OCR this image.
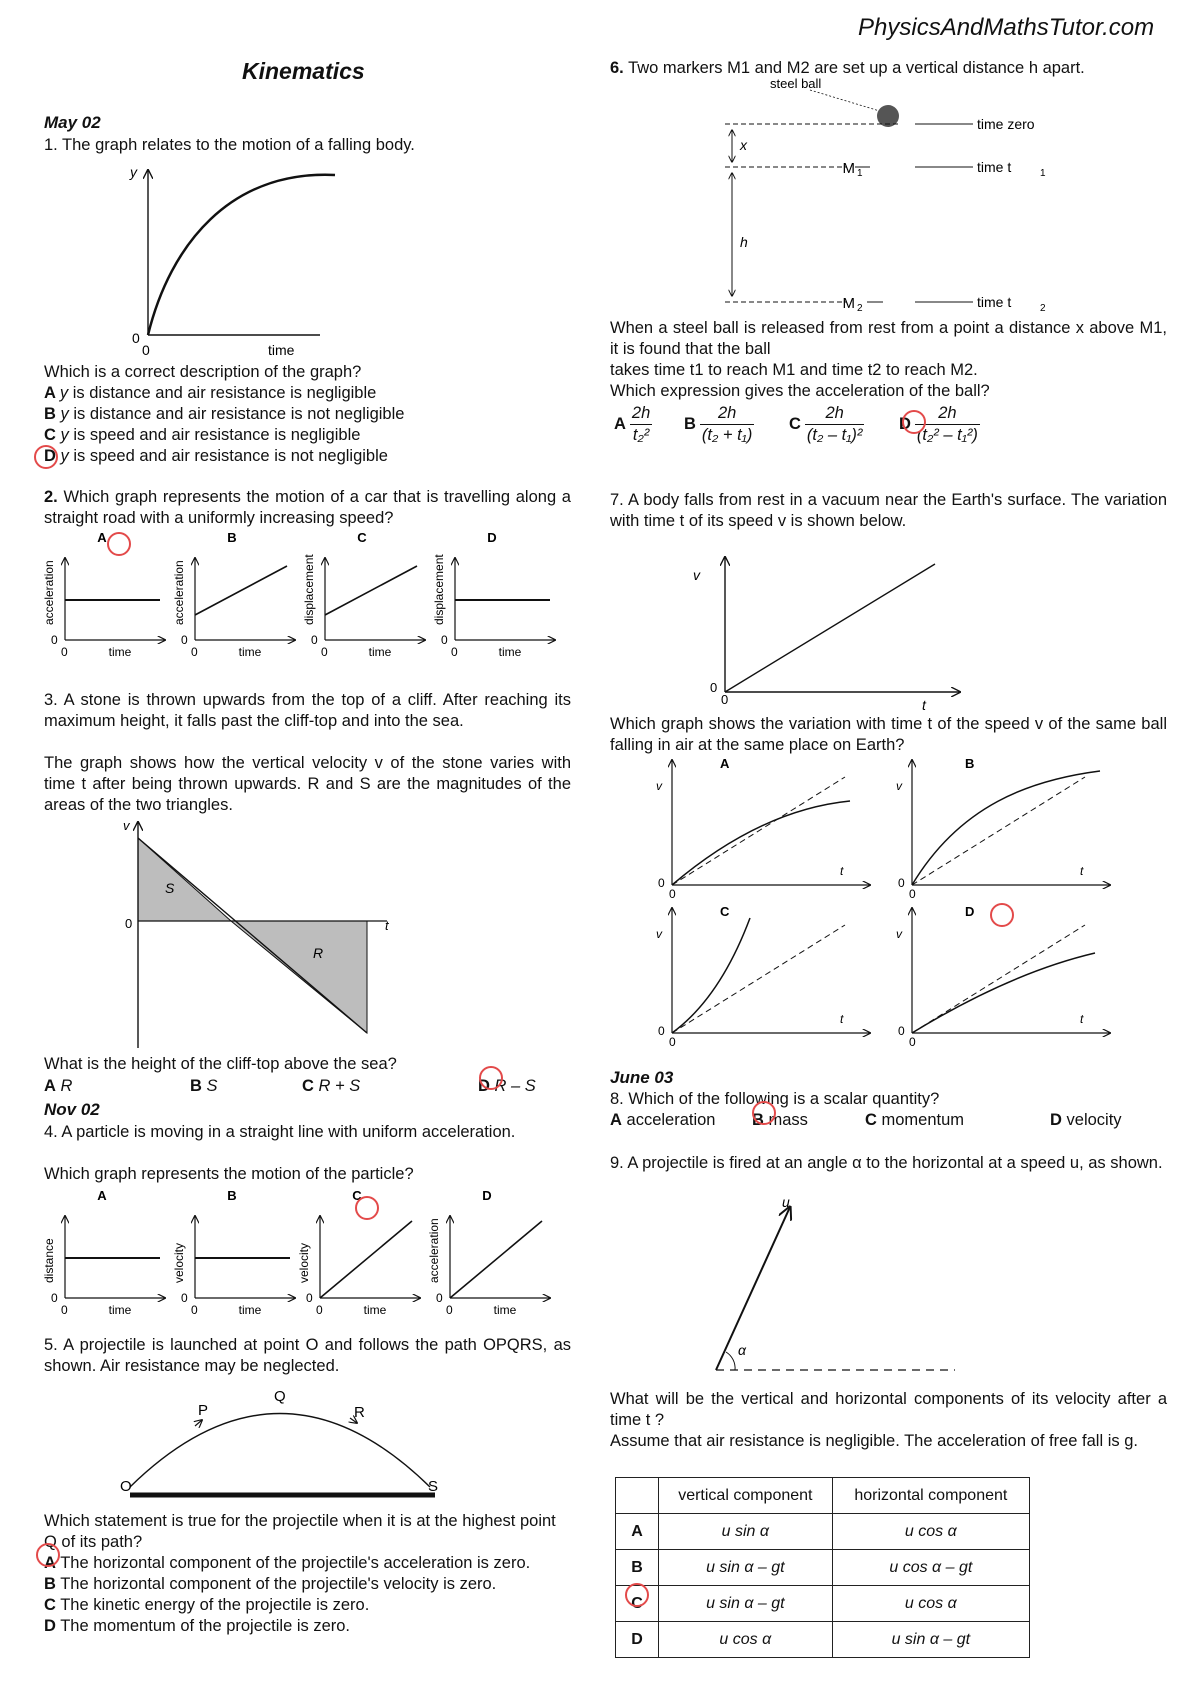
PhysicsAndMathsTutor.com
Kinematics
May 02
1. The graph relates to the motion of a falling body.
y
0
0	time
Which is a correct description of the graph?
A y is distance and air resistance is negligible
B y is distance and air resistance is not negligible
C y is speed and air resistance is negligible
D y is speed and air resistance is not negligible
2. Which graph represents the motion of a car that is travelling along a straight road with a uniformly increasing speed?
A
acceleration
time
0
0
B
acceleration
time
0
0
C
displacement
time
0
0
D
displacement
time
0
0
3. A stone is thrown upwards from the top of a cliff. After reaching its maximum height, it falls past the cliff-top and into the sea.
The graph shows how the vertical velocity v of the stone varies with time t after being thrown upwards. R and S are the magnitudes of the areas of the two triangles.
v
t
S
R
0
What is the height of the cliff-top above the sea?
A R	B S	C R + S	D R – S
Nov 02
4. A particle is moving in a straight line with uniform acceleration.
Which graph represents the motion of the particle?
A
distance
time
0
0
B
velocity
time
0
0
C
velocity
time
0
0
D
acceleration
time
0
0
5. A projectile is launched at point O and follows the path OPQRS, as shown. Air resistance may be neglected.
O
P
Q
R
S
Which statement is true for the projectile when it is at the highest point Q of its path?
A The horizontal component of the projectile's acceleration is zero.
B The horizontal component of the projectile's velocity is zero.
C The kinetic energy of the projectile is zero.
D The momentum of the projectile is zero.
6. Two markers M1 and M2 are set up a vertical distance h apart.
steel ball
M 1
M 2
x
h
time zero
time t	1
time t	2
When a steel ball is released from rest from a point a distance x above M1, it is found that the ball
takes time t1 to reach M1 and time t2 to reach M2.
Which expression gives the acceleration of the ball?
A $\frac{2h}{\text{t₂²}}$ B $\frac{2h}{\text{(t₂ + t₁)}}$ C $\frac{2h}{\text{(t₂ – t₁)²}}$ D $\frac{2h}{\text{(t₂² – t₁²)}}$
7. A body falls from rest in a vacuum near the Earth's surface. The variation with time t of its speed v is shown below.
v
t
0
0
Which graph shows the variation with time t of the speed v of the same ball falling in air at the same place on Earth?
A
v
t
0
0
B
v
t
0
0
C
v
t
0
0
D
v
t
0
0
June 03
8. Which of the following is a scalar quantity?
A acceleration B mass	C momentum	D velocity
9. A projectile is fired at an angle α to the horizontal at a speed u, as shown.
u
α
What will be the vertical and horizontal components of its velocity after a time t ?
Assume that air resistance is negligible. The acceleration of free fall is g.
	vertical component	horizontal component
A	u sin α	u cos α
B	u sin α – gt	u cos α – gt
C	u sin α – gt	u cos α
D	u cos α	u sin α – gt
